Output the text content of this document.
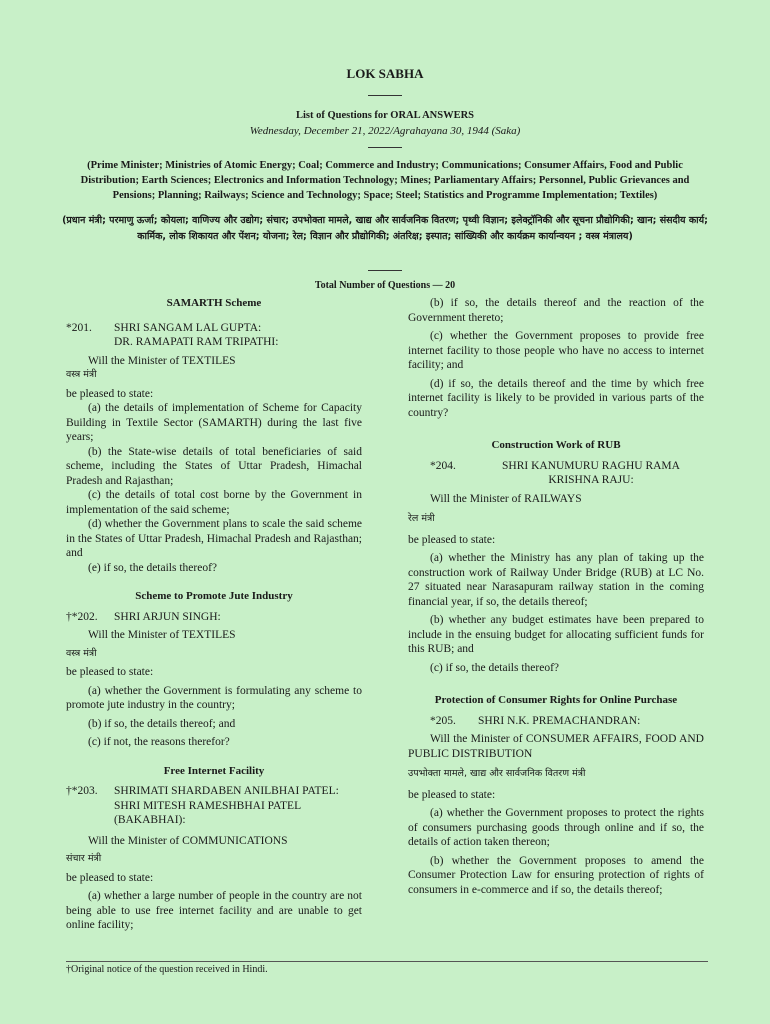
LOK SABHA
List of Questions for ORAL ANSWERS
Wednesday, December 21, 2022/Agrahayana 30, 1944 (Saka)
(Prime Minister; Ministries of Atomic Energy; Coal; Commerce and Industry; Communications; Consumer Affairs, Food and Public Distribution; Earth Sciences; Electronics and Information Technology; Mines; Parliamentary Affairs; Personnel, Public Grievances and Pensions; Planning; Railways; Science and Technology; Space; Steel; Statistics and Programme Implementation; Textiles)
(प्रधान मंत्री; परमाणु ऊर्जा; कोयला; वाणिज्य और उद्योग; संचार; उपभोक्ता मामले, खाद्य और सार्वजनिक वितरण; पृथ्वी विज्ञान; इलेक्ट्रॉनिकी और सूचना प्रौद्योगिकी; खान; संसदीय कार्य; कार्मिक, लोक शिकायत और पेंशन; योजना; रेल; विज्ञान और प्रौद्योगिकी; अंतरिक्ष; इस्पात; सांख्यिकी और कार्यक्रम कार्यान्वयन ; वस्त्र मंत्रालय)
Total Number of Questions — 20

SAMARTH Scheme

*201.	SHRI SANGAM LAL GUPTA:
DR. RAMAPATI RAM TRIPATHI:

Will the Minister of TEXTILES

वस्त्र मंत्री

be pleased to state:

(a) the details of implementation of Scheme for Capacity Building in Textile Sector (SAMARTH) during the last five years;

(b) the State-wise details of total beneficiaries of said scheme, including the States of Uttar Pradesh, Himachal Pradesh and Rajasthan;

(c) the details of total cost borne by the Government in implementation of the said scheme;

(d) whether the Government plans to scale the said scheme in the States of Uttar Pradesh, Himachal Pradesh and Rajasthan; and

(e) if so, the details thereof?

Scheme to Promote Jute Industry

†*202.	SHRI ARJUN SINGH:

Will the Minister of TEXTILES

वस्त्र मंत्री

be pleased to state:

(a) whether the Government is formulating any scheme to promote jute industry in the country;

(b) if so, the details thereof; and

(c) if not, the reasons therefor?

Free Internet Facility

†*203.	SHRIMATI SHARDABEN ANILBHAI PATEL:
SHRI MITESH RAMESHBHAI PATEL (BAKABHAI):

Will the Minister of COMMUNICATIONS

संचार मंत्री

be pleased to state:

(a) whether a large number of people in the country are not being able to use free internet facility and are unable to get online facility;

(b) if so, the details thereof and the reaction of the Government thereto;

(c) whether the Government proposes to provide free internet facility to those people who have no access to internet facility; and

(d) if so, the details thereof and the time by which free internet facility is likely to be provided in various parts of the country?

Construction Work of RUB

*204.	SHRI KANUMURU RAGHU RAMA KRISHNA RAJU:

Will the Minister of RAILWAYS

रेल मंत्री

be pleased to state:

(a) whether the Ministry has any plan of taking up the construction work of Railway Under Bridge (RUB) at LC No. 27 situated near Narasapuram railway station in the coming financial year, if so, the details thereof;

(b) whether any budget estimates have been prepared to include in the ensuing budget for allocating sufficient funds for this RUB; and

(c) if so, the details thereof?

Protection of Consumer Rights for Online Purchase

*205.	SHRI N.K. PREMACHANDRAN:

Will the Minister of CONSUMER AFFAIRS, FOOD AND PUBLIC DISTRIBUTION

उपभोक्ता मामले, खाद्य और सार्वजनिक वितरण मंत्री

be pleased to state:

(a) whether the Government proposes to protect the rights of consumers purchasing goods through online and if so, the details of action taken thereon;

(b) whether the Government proposes to amend the Consumer Protection Law for ensuring protection of rights of consumers in e-commerce and if so, the details thereof;

†Original notice of the question received in Hindi.
